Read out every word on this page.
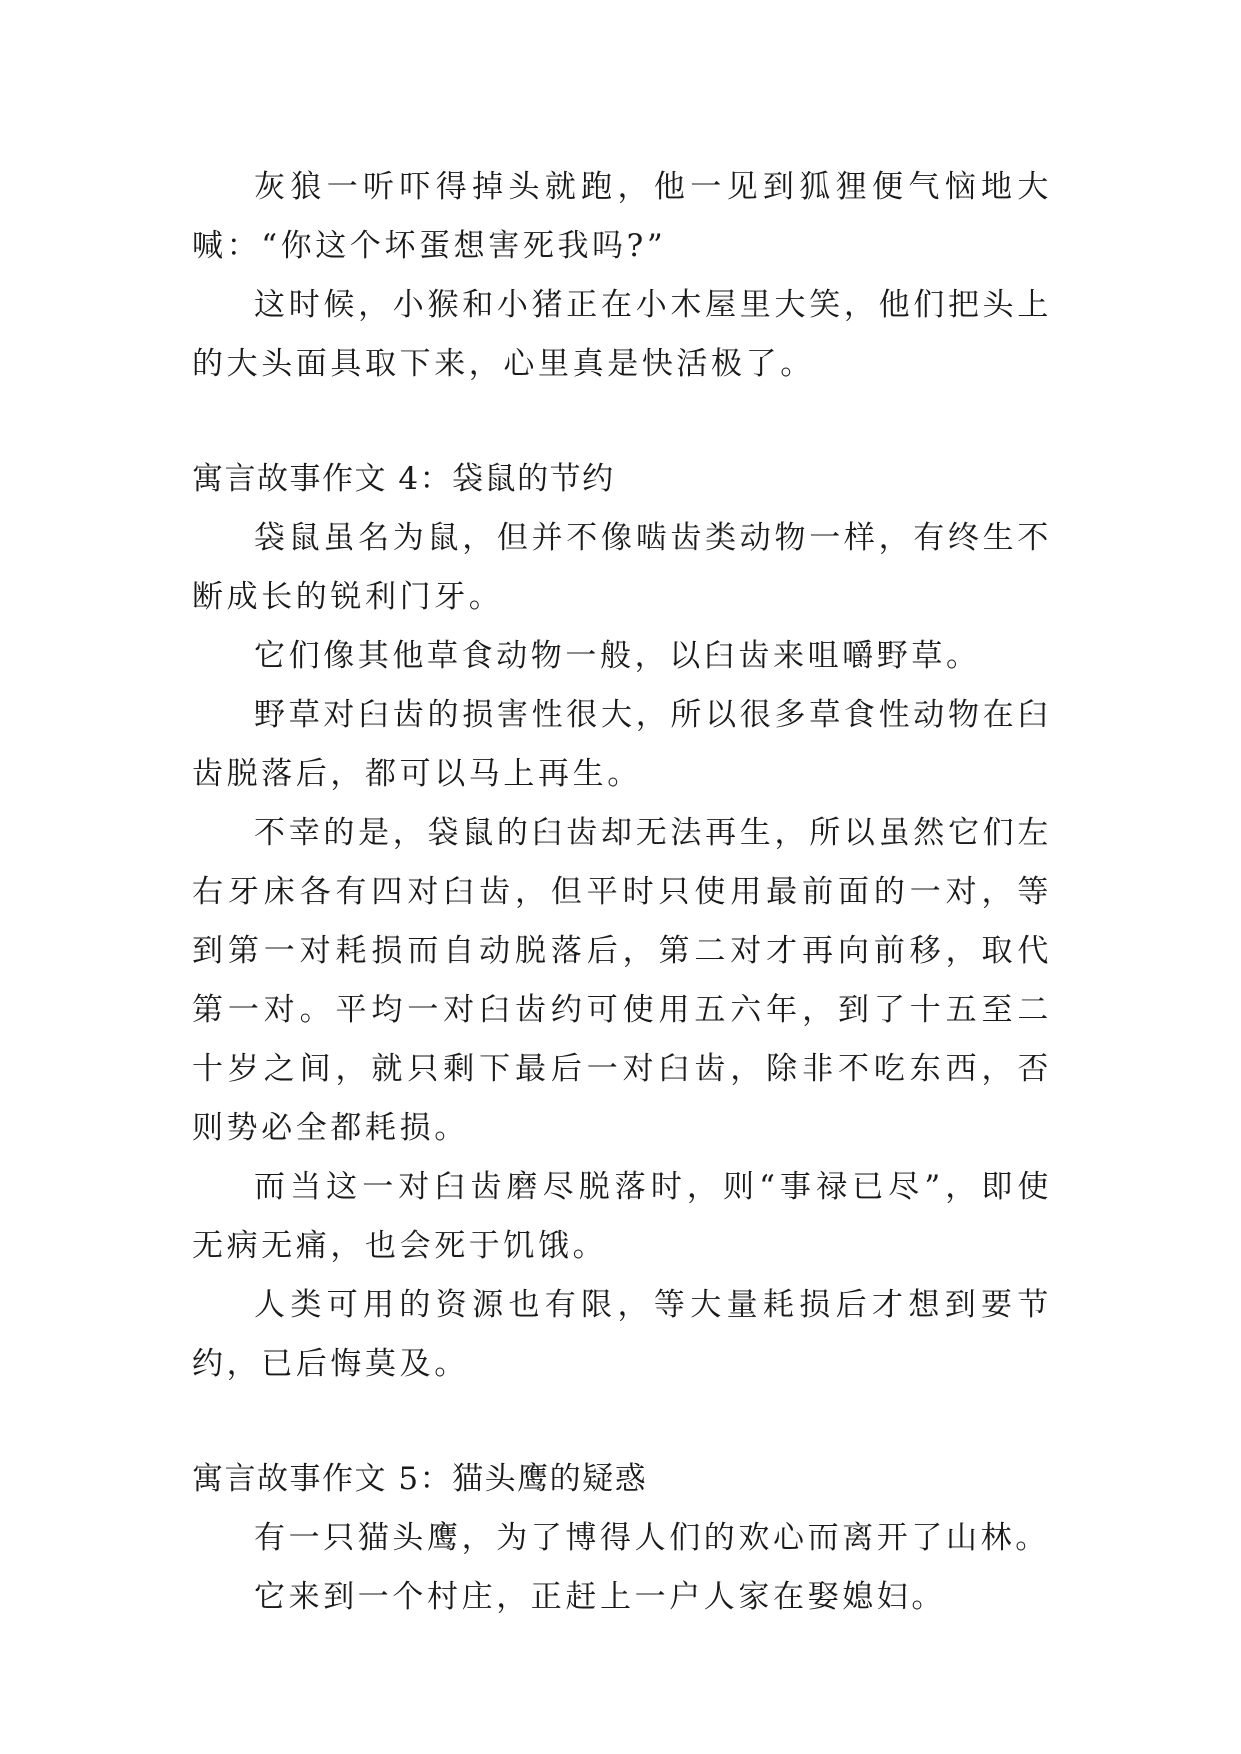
灰狼一听吓得掉头就跑，他一见到狐狸便气恼地大喊：“你这个坏蛋想害死我吗?”

这时候，小猴和小猪正在小木屋里大笑，他们把头上的大头面具取下来，心里真是快活极了。

寓言故事作文 4：袋鼠的节约

袋鼠虽名为鼠，但并不像啮齿类动物一样，有终生不断成长的锐利门牙。

它们像其他草食动物一般，以臼齿来咀嚼野草。

野草对臼齿的损害性很大，所以很多草食性动物在臼齿脱落后，都可以马上再生。

不幸的是，袋鼠的臼齿却无法再生，所以虽然它们左右牙床各有四对臼齿，但平时只使用最前面的一对，等到第一对耗损而自动脱落后，第二对才再向前移，取代第一对。平均一对臼齿约可使用五六年，到了十五至二十岁之间，就只剩下最后一对臼齿，除非不吃东西，否则势必全都耗损。

而当这一对臼齿磨尽脱落时，则“事禄已尽”，即使无病无痛，也会死于饥饿。

人类可用的资源也有限，等大量耗损后才想到要节约，已后悔莫及。

寓言故事作文 5：猫头鹰的疑惑

有一只猫头鹰，为了博得人们的欢心而离开了山林。

它来到一个村庄，正赶上一户人家在娶媳妇。
